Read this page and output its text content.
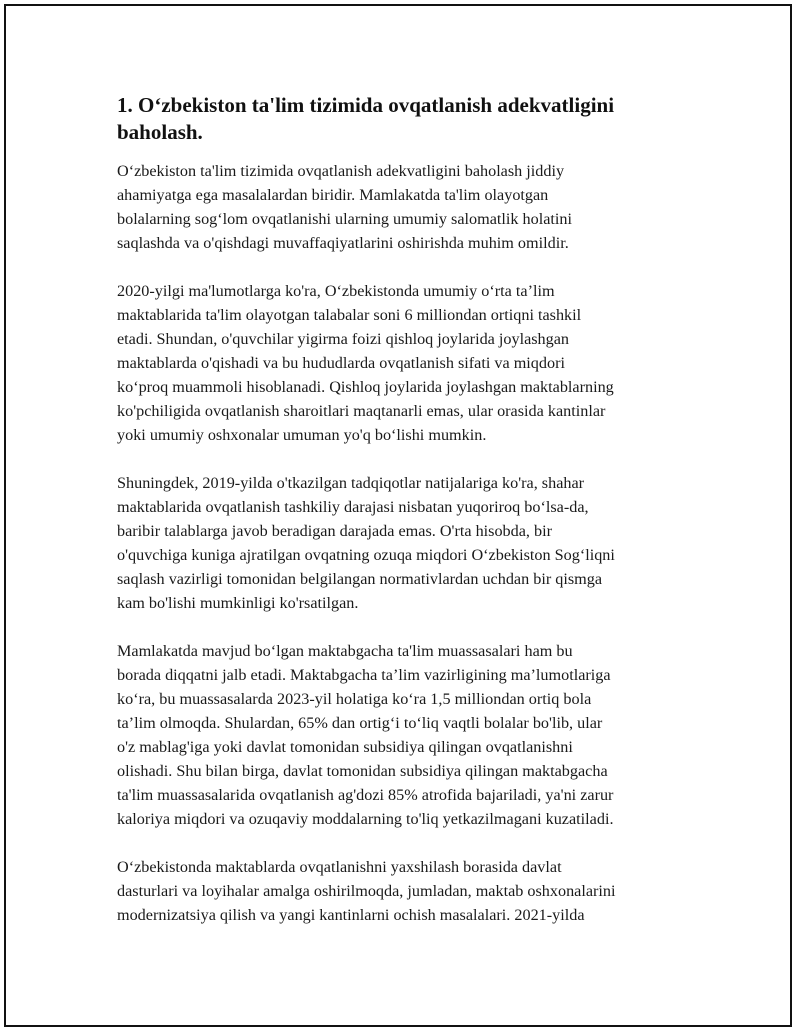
1. O‘zbekiston ta'lim tizimida ovqatlanish adekvatligini
baholash.

O‘zbekiston ta'lim tizimida ovqatlanish adekvatligini baholash jiddiy
ahamiyatga ega masalalardan biridir. Mamlakatda ta'lim olayotgan
bolalarning sog‘lom ovqatlanishi ularning umumiy salomatlik holatini
saqlashda va o'qishdagi muvaffaqiyatlarini oshirishda muhim omildir.

2020-yilgi ma'lumotlarga ko'ra, O‘zbekistonda umumiy o‘rta ta’lim
maktablarida ta'lim olayotgan talabalar soni 6 milliondan ortiqni tashkil
etadi. Shundan, o'quvchilar yigirma foizi qishloq joylarida joylashgan
maktablarda o'qishadi va bu hududlarda ovqatlanish sifati va miqdori
ko‘proq muammoli hisoblanadi. Qishloq joylarida joylashgan maktablarning
ko'pchiligida ovqatlanish sharoitlari maqtanarli emas, ular orasida kantinlar
yoki umumiy oshxonalar umuman yo'q bo‘lishi mumkin.

Shuningdek, 2019-yilda o'tkazilgan tadqiqotlar natijalariga ko'ra, shahar
maktablarida ovqatlanish tashkiliy darajasi nisbatan yuqoriroq bo‘lsa-da,
baribir talablarga javob beradigan darajada emas. O'rta hisobda, bir
o'quvchiga kuniga ajratilgan ovqatning ozuqa miqdori O‘zbekiston Sog‘liqni
saqlash vazirligi tomonidan belgilangan normativlardan uchdan bir qismga
kam bo'lishi mumkinligi ko'rsatilgan.

Mamlakatda mavjud bo‘lgan maktabgacha ta'lim muassasalari ham bu
borada diqqatni jalb etadi. Maktabgacha ta’lim vazirligining ma’lumotlariga
ko‘ra, bu muassasalarda 2023-yil holatiga ko‘ra 1,5 milliondan ortiq bola
ta’lim olmoqda. Shulardan, 65% dan ortig‘i to‘liq vaqtli bolalar bo'lib, ular
o'z mablag'iga yoki davlat tomonidan subsidiya qilingan ovqatlanishni
olishadi. Shu bilan birga, davlat tomonidan subsidiya qilingan maktabgacha
ta'lim muassasalarida ovqatlanish ag'dozi 85% atrofida bajariladi, ya'ni zarur
kaloriya miqdori va ozuqaviy moddalarning to'liq yetkazilmagani kuzatiladi.

O‘zbekistonda maktablarda ovqatlanishni yaxshilash borasida davlat
dasturlari va loyihalar amalga oshirilmoqda, jumladan, maktab oshxonalarini
modernizatsiya qilish va yangi kantinlarni ochish masalalari. 2021-yilda
